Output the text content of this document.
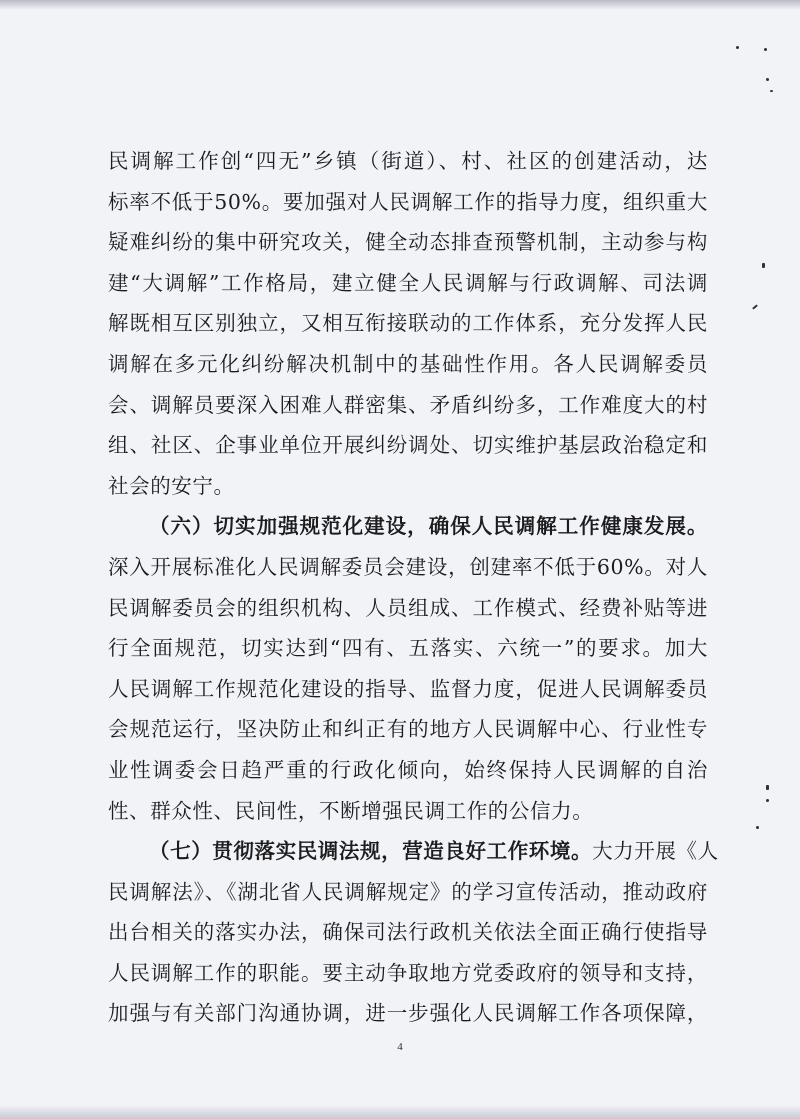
民调解工作创“四无”乡镇（街道）、村、社区的创建活动，达
标率不低于50%。要加强对人民调解工作的指导力度，组织重大
疑难纠纷的集中研究攻关，健全动态排查预警机制，主动参与构
建“大调解”工作格局，建立健全人民调解与行政调解、司法调
解既相互区别独立，又相互衔接联动的工作体系，充分发挥人民
调解在多元化纠纷解决机制中的基础性作用。各人民调解委员
会、调解员要深入困难人群密集、矛盾纠纷多，工作难度大的村
组、社区、企事业单位开展纠纷调处、切实维护基层政治稳定和
社会的安宁。
（六）切实加强规范化建设，确保人民调解工作健康发展。
深入开展标准化人民调解委员会建设，创建率不低于60%。对人
民调解委员会的组织机构、人员组成、工作模式、经费补贴等进
行全面规范，切实达到“四有、五落实、六统一”的要求。加大
人民调解工作规范化建设的指导、监督力度，促进人民调解委员
会规范运行，坚决防止和纠正有的地方人民调解中心、行业性专
业性调委会日趋严重的行政化倾向，始终保持人民调解的自治
性、群众性、民间性，不断增强民调工作的公信力。
（七）贯彻落实民调法规，营造良好工作环境。大力开展《人
民调解法》、《湖北省人民调解规定》的学习宣传活动，推动政府
出台相关的落实办法，确保司法行政机关依法全面正确行使指导
人民调解工作的职能。要主动争取地方党委政府的领导和支持，
加强与有关部门沟通协调，进一步强化人民调解工作各项保障，
4
